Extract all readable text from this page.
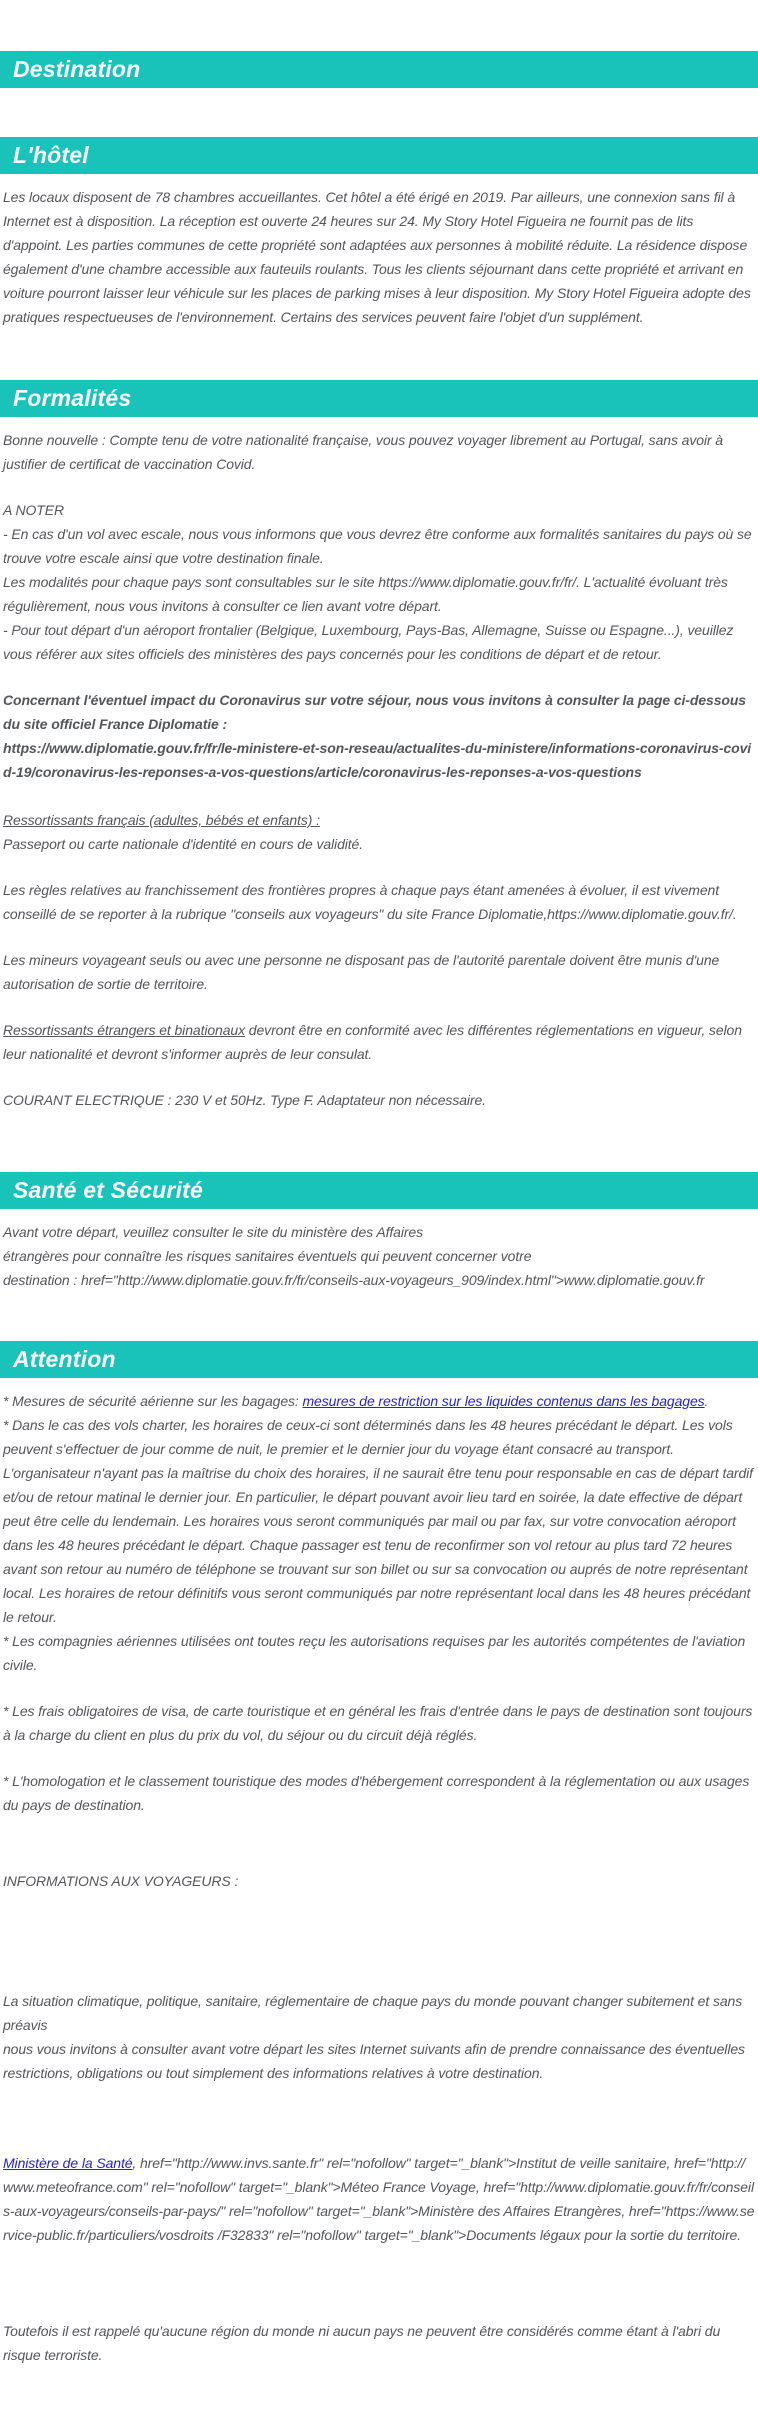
Destination
L'hôtel
Les locaux disposent de 78 chambres accueillantes. Cet hôtel a été érigé en 2019. Par ailleurs, une connexion sans fil à Internet est à disposition. La réception est ouverte 24 heures sur 24. My Story Hotel Figueira ne fournit pas de lits d'appoint. Les parties communes de cette propriété sont adaptées aux personnes à mobilité réduite. La résidence dispose également d'une chambre accessible aux fauteuils roulants. Tous les clients séjournant dans cette propriété et arrivant en voiture pourront laisser leur véhicule sur les places de parking mises à leur disposition. My Story Hotel Figueira adopte des pratiques respectueuses de l'environnement. Certains des services peuvent faire l'objet d'un supplément.
Formalités
Bonne nouvelle : Compte tenu de votre nationalité française, vous pouvez voyager librement au Portugal, sans avoir à justifier de certificat de vaccination Covid.
A NOTER
- En cas d'un vol avec escale, nous vous informons que vous devrez être conforme aux formalités sanitaires du pays où se trouve votre escale ainsi que votre destination finale.
Les modalités pour chaque pays sont consultables sur le site https://www.diplomatie.gouv.fr/fr/. L'actualité évoluant très régulièrement, nous vous invitons à consulter ce lien avant votre départ.
- Pour tout départ d'un aéroport frontalier (Belgique, Luxembourg, Pays-Bas, Allemagne, Suisse ou Espagne...), veuillez vous référer aux sites officiels des ministères des pays concernés pour les conditions de départ et de retour.
Concernant l'éventuel impact du Coronavirus sur votre séjour, nous vous invitons à consulter la page ci-dessous du site officiel France Diplomatie :
https://www.diplomatie.gouv.fr/fr/le-ministere-et-son-reseau/actualites-du-ministere/informations-coronavirus-covid-19/coronavirus-les-reponses-a-vos-questions/article/coronavirus-les-reponses-a-vos-questions
Ressortissants français (adultes, bébés et enfants) :
Passeport ou carte nationale d'identité en cours de validité.
Les règles relatives au franchissement des frontières propres à chaque pays étant amenées à évoluer, il est vivement conseillé de se reporter à la rubrique "conseils aux voyageurs" du site France Diplomatie,https://www.diplomatie.gouv.fr/.
Les mineurs voyageant seuls ou avec une personne ne disposant pas de l'autorité parentale doivent être munis d'une autorisation de sortie de territoire.
Ressortissants étrangers et binationaux devront être en conformité avec les différentes réglementations en vigueur, selon leur nationalité et devront s'informer auprès de leur consulat.
COURANT ELECTRIQUE : 230 V et 50Hz. Type F. Adaptateur non nécessaire.
Santé et Sécurité
Avant votre départ, veuillez consulter le site du ministère des Affaires
étrangères pour connaître les risques sanitaires éventuels qui peuvent concerner votre
destination : href="http://www.diplomatie.gouv.fr/fr/conseils-aux-voyageurs_909/index.html">www.diplomatie.gouv.fr
Attention
* Mesures de sécurité aérienne sur les bagages: mesures de restriction sur les liquides contenus dans les bagages.
* Dans le cas des vols charter, les horaires de ceux-ci sont déterminés dans les 48 heures précédant le départ. Les vols peuvent s'effectuer de jour comme de nuit, le premier et le dernier jour du voyage étant consacré au transport. L'organisateur n'ayant pas la maîtrise du choix des horaires, il ne saurait être tenu pour responsable en cas de départ tardif et/ou de retour matinal le dernier jour. En particulier, le départ pouvant avoir lieu tard en soirée, la date effective de départ peut être celle du lendemain. Les horaires vous seront communiqués par mail ou par fax, sur votre convocation aéroport dans les 48 heures précédant le départ. Chaque passager est tenu de reconfirmer son vol retour au plus tard 72 heures avant son retour au numéro de téléphone se trouvant sur son billet ou sur sa convocation ou auprés de notre représentant local. Les horaires de retour définitifs vous seront communiqués par notre représentant local dans les 48 heures précédant le retour.
* Les compagnies aériennes utilisées ont toutes reçu les autorisations requises par les autorités compétentes de l'aviation civile.
* Les frais obligatoires de visa, de carte touristique et en général les frais d'entrée dans le pays de destination sont toujours à la charge du client en plus du prix du vol, du séjour ou du circuit déjà réglés.
* L'homologation et le classement touristique des modes d'hébergement correspondent à la réglementation ou aux usages du pays de destination.
INFORMATIONS AUX VOYAGEURS :
La situation climatique, politique, sanitaire, réglementaire de chaque pays du monde pouvant changer subitement et sans préavis
nous vous invitons à consulter avant votre départ les sites Internet suivants afin de prendre connaissance des éventuelles restrictions, obligations ou tout simplement des informations relatives à votre destination.
Ministère de la Santé, href="http://www.invs.sante.fr" rel="nofollow" target="_blank">Institut de veille sanitaire, href="http://www.meteofrance.com" rel="nofollow" target="_blank">Méteo France Voyage, href="http://www.diplomatie.gouv.fr/fr/conseils-aux-voyageurs/conseils-par-pays/" rel="nofollow" target="_blank">Ministère des Affaires Etrangères, href="https://www.service-public.fr/particuliers/vosdroits /F32833" rel="nofollow" target="_blank">Documents légaux pour la sortie du territoire.
Toutefois il est rappelé qu'aucune région du monde ni aucun pays ne peuvent être considérés comme étant à l'abri du risque terroriste.
